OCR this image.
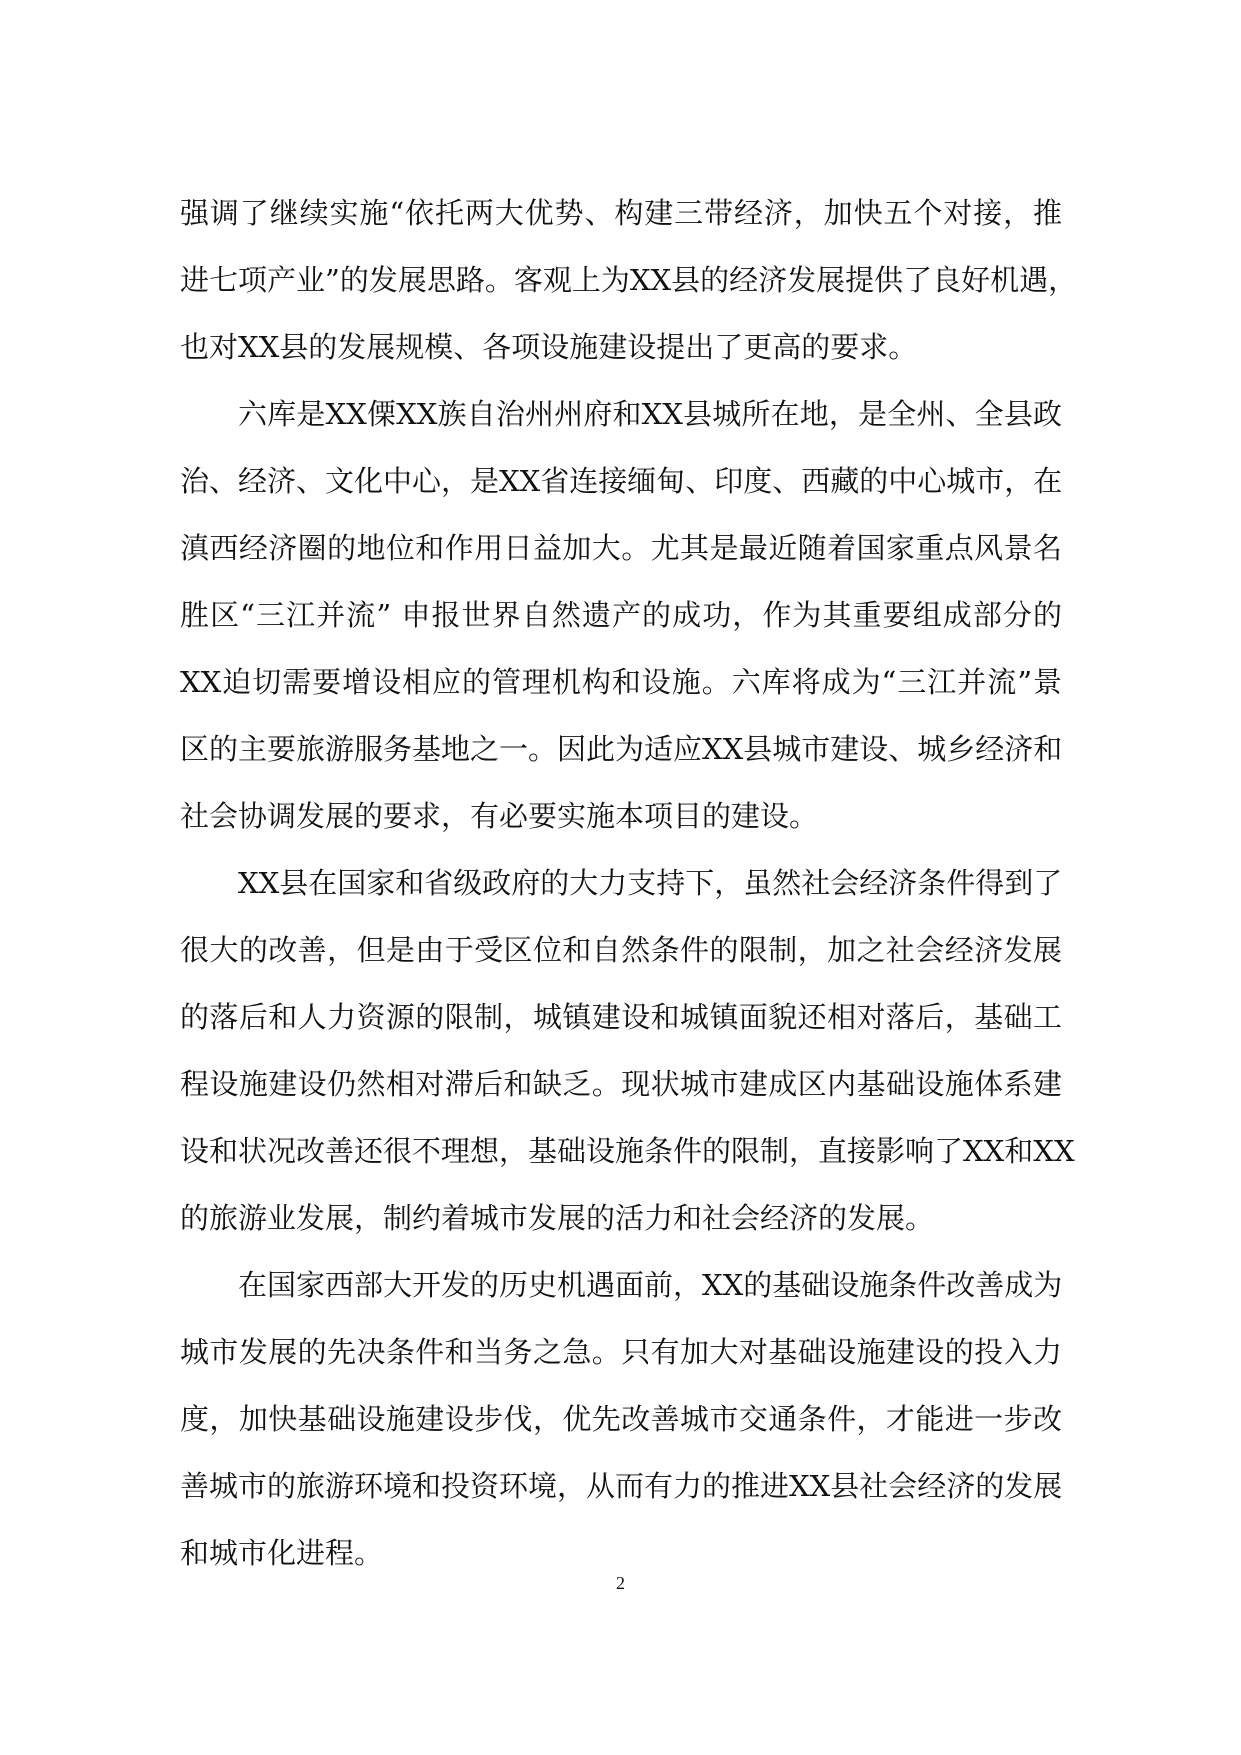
强调了继续实施“依托两大优势、构建三带经济，加快五个对接，推
进七项产业”的发展思路。客观上为XX县的经济发展提供了良好机遇，
也对XX县的发展规模、各项设施建设提出了更高的要求。
六库是XX傈XX族自治州州府和XX县城所在地，是全州、全县政
治、经济、文化中心，是XX省连接缅甸、印度、西藏的中心城市，在
滇西经济圈的地位和作用日益加大。尤其是最近随着国家重点风景名
胜区“三江并流” 申报世界自然遗产的成功，作为其重要组成部分的
XX迫切需要增设相应的管理机构和设施。六库将成为“三江并流”景
区的主要旅游服务基地之一。因此为适应XX县城市建设、城乡经济和
社会协调发展的要求，有必要实施本项目的建设。
XX县在国家和省级政府的大力支持下，虽然社会经济条件得到了
很大的改善，但是由于受区位和自然条件的限制，加之社会经济发展
的落后和人力资源的限制，城镇建设和城镇面貌还相对落后，基础工
程设施建设仍然相对滞后和缺乏。现状城市建成区内基础设施体系建
设和状况改善还很不理想，基础设施条件的限制，直接影响了XX和XX
的旅游业发展，制约着城市发展的活力和社会经济的发展。
在国家西部大开发的历史机遇面前，XX的基础设施条件改善成为
城市发展的先决条件和当务之急。只有加大对基础设施建设的投入力
度，加快基础设施建设步伐，优先改善城市交通条件，才能进一步改
善城市的旅游环境和投资环境，从而有力的推进XX县社会经济的发展
和城市化进程。
2
